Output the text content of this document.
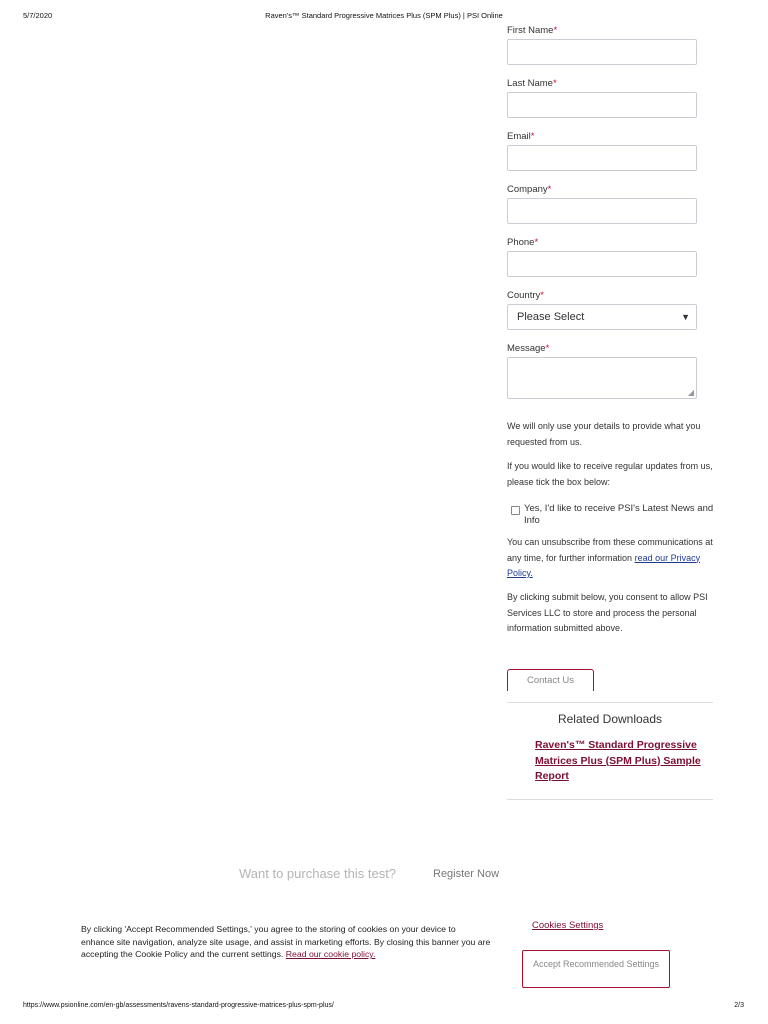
5/7/2020	Raven's™ Standard Progressive Matrices Plus (SPM Plus) | PSI Online
First Name*
Last Name*
Email*
Company*
Phone*
Country*
Please Select	▼
Message*
◢
We will only use your details to provide what you requested from us.
If you would like to receive regular updates from us, please tick the box below:
Yes, I'd like to receive PSI's Latest News and Info
You can unsubscribe from these communications at any time, for further information read our Privacy Policy.
By clicking submit below, you consent to allow PSI Services LLC to store and process the personal information submitted above.
Contact Us
Related Downloads
Raven's™ Standard Progressive Matrices Plus (SPM Plus) Sample Report
Want to purchase this test?	Register Now
By clicking 'Accept Recommended Settings,' you agree to the storing of cookies on your device to enhance site navigation, analyze site usage, and assist in marketing efforts. By closing this banner you are accepting the Cookie Policy and the current settings. Read our cookie policy.
Cookies Settings
Accept Recommended Settings
https://www.psionline.com/en-gb/assessments/ravens-standard-progressive-matrices-plus-spm-plus/	2/3
